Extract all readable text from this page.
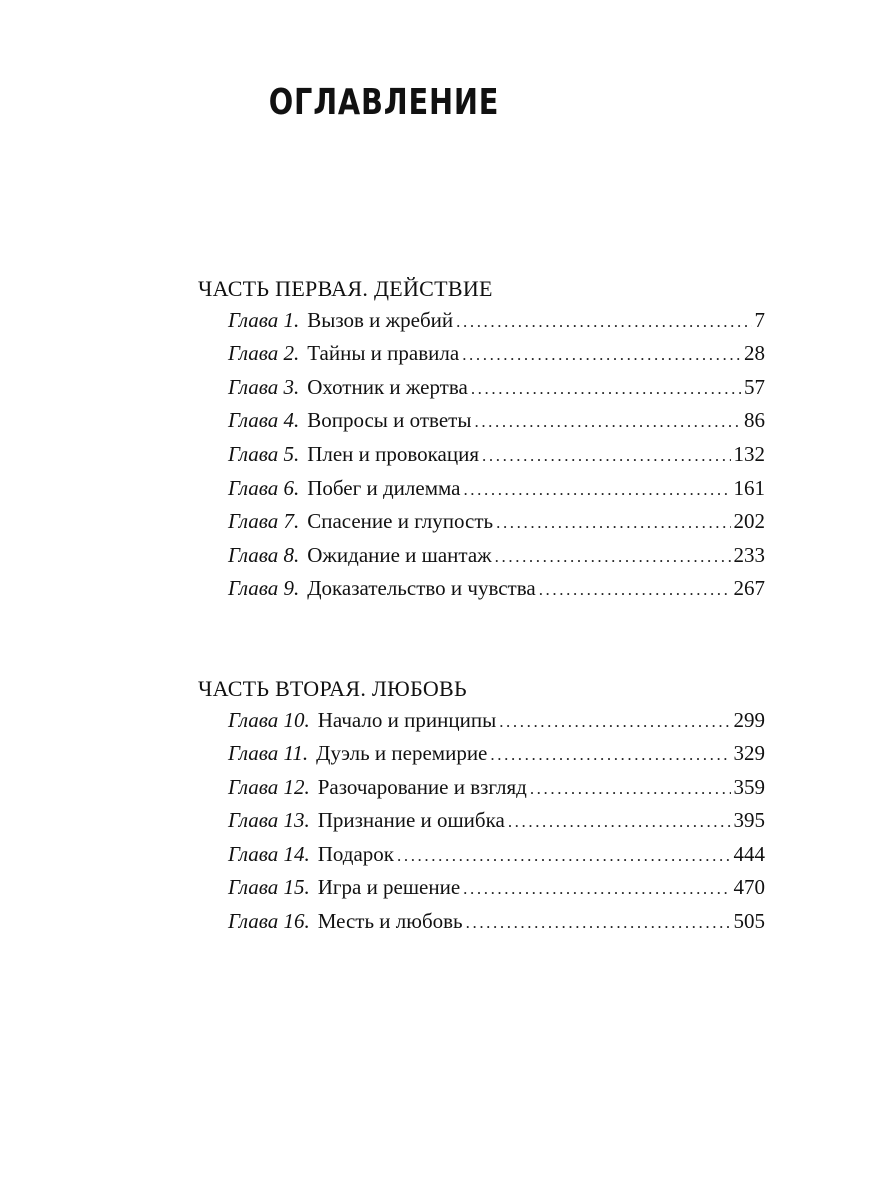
ОГЛАВЛЕНИЕ
ЧАСТЬ ПЕРВАЯ. ДЕЙСТВИЕ
Глава 1. Вызов и жребий .....	7
Глава 2. Тайны и правила .....	28
Глава 3. Охотник и жертва .....	57
Глава 4. Вопросы и ответы .....	86
Глава 5. Плен и провокация .....	132
Глава 6. Побег и дилемма .....	161
Глава 7. Спасение и глупость .....	202
Глава 8. Ожидание и шантаж .....	233
Глава 9. Доказательство и чувства .....	267
ЧАСТЬ ВТОРАЯ. ЛЮБОВЬ
Глава 10. Начало и принципы .....	299
Глава 11. Дуэль и перемирие .....	329
Глава 12. Разочарование и взгляд .....	359
Глава 13. Признание и ошибка .....	395
Глава 14. Подарок .....	444
Глава 15. Игра и решение .....	470
Глава 16. Месть и любовь .....	505
